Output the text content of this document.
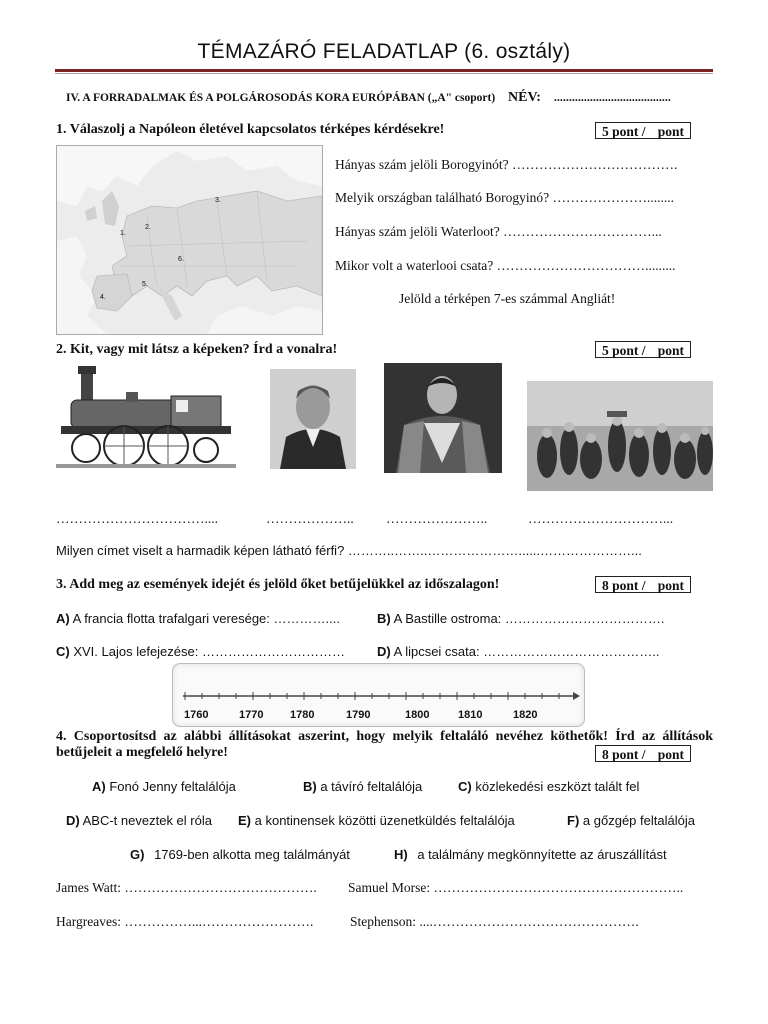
TÉMAZÁRÓ FELADATLAP (6. osztály)
IV. A FORRADALMAK ÉS A POLGÁROSODÁS KORA EURÓPÁBAN („A" csoport) NÉV: .......................................
1. Válaszolj a Napóleon életével kapcsolatos térképes kérdésekre!	5 pont / pont
1.
2.
3.
4.
5.
6.
Hányas szám jelöli Borogyinót? ……………………………….
Melyik országban található Borogyinó? …………………........
Hányas szám jelöli Waterloot? ……………………………...
Mikor volt a waterlooi csata? …………………………….........
Jelöld a térképen 7-es számmal Angliát!
2. Kit, vagy mit látsz a képeken? Írd a vonalra!	5 pont / pont
……………………………....	……………….. …………………..	…………………………...
Milyen címet viselt a harmadik képen látható férfi? ………..……..…………………......…………………...
3. Add meg az események idejét és jelöld őket betűjelükkel az időszalagon!	8 pont / pont
A) A francia flotta trafalgari veresége: …………....	B) A Bastille ostroma: ……………………………….
C) XVI. Lajos lefejezése: …………………………… D) A lipcsei csata: …………………………………..
1760	1770 1780	1790	1800	1810	1820
4. Csoportosítsd az alábbi állításokat aszerint, hogy melyik feltaláló nevéhez köthetők! Írd az állítások betűjeleit a megfelelő helyre!	8 pont / pont
A) Fonó Jenny feltalálója	B) a távíró feltalálója	C) közlekedési eszközt talált fel
D) ABC-t neveztek el róla E) a kontinensek közötti üzenetküldés feltalálója	F) a gőzgép feltalálója
G) 1769-ben alkotta meg találmányát	H) a találmány megkönnyítette az áruszállítást
James Watt: ……………………………………. Samuel Morse: ………………………………………………..
Hargreaves: ……………...…………………….	Stephenson: ....……………………………………….
